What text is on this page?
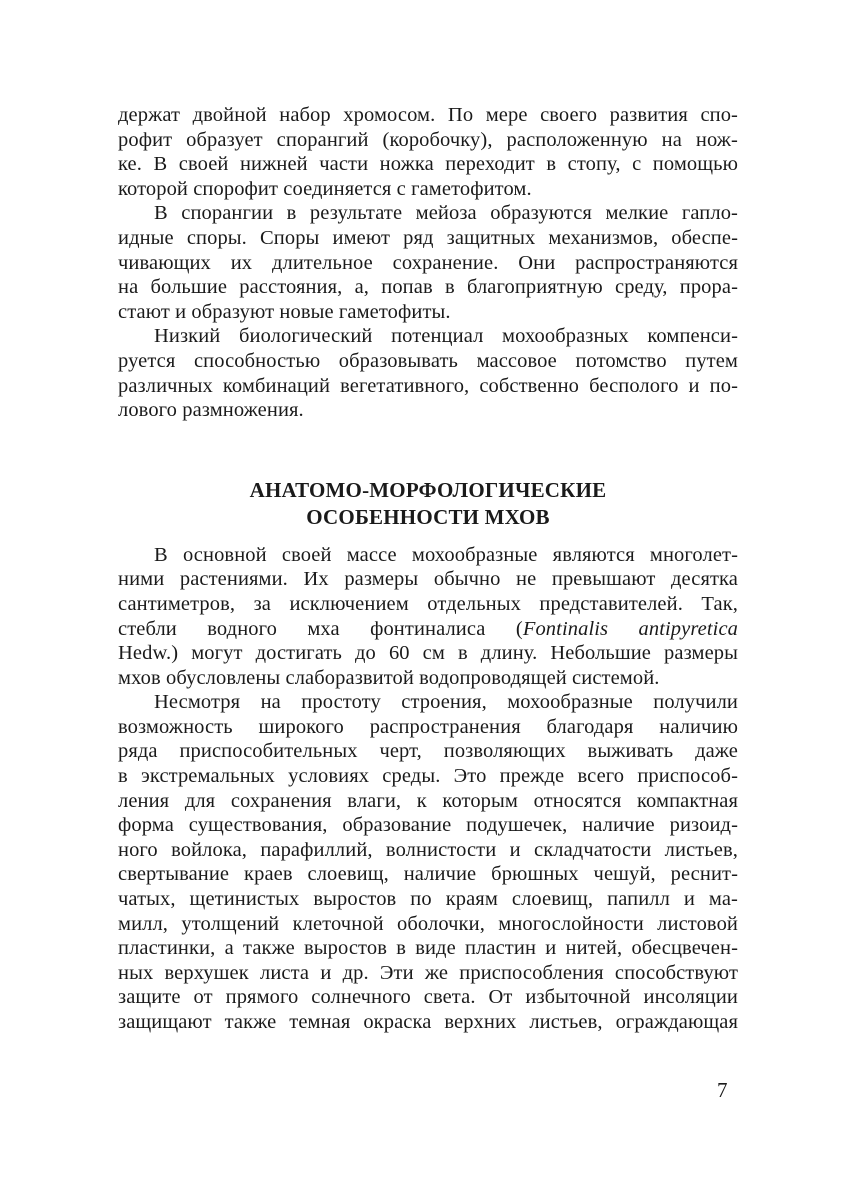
держат двойной набор хромосом. По мере своего развития спо-
рофит образует спорангий (коробочку), расположенную на нож-
ке. В своей нижней части ножка переходит в стопу, с помощью
которой спорофит соединяется с гаметофитом.

В спорангии в результате мейоза образуются мелкие гапло-
идные споры. Споры имеют ряд защитных механизмов, обеспе-
чивающих их длительное сохранение. Они распространяются
на большие расстояния, а, попав в благоприятную среду, прора-
стают и образуют новые гаметофиты.

Низкий биологический потенциал мохообразных компенси-
руется способностью образовывать массовое потомство путем
различных комбинаций вегетативного, собственно бесполого и по-
лового размножения.

АНАТОМО-МОРФОЛОГИЧЕСКИЕ
ОСОБЕННОСТИ МХОВ

В основной своей массе мохообразные являются многолет-
ними растениями. Их размеры обычно не превышают десятка
сантиметров, за исключением отдельных представителей. Так,
стебли водного мха фонтиналиса (Fontinalis antipyretica
Hedw.) могут достигать до 60 см в длину. Небольшие размеры
мхов обусловлены слаборазвитой водопроводящей системой.

Несмотря на простоту строения, мохообразные получили
возможность широкого распространения благодаря наличию
ряда приспособительных черт, позволяющих выживать даже
в экстремальных условиях среды. Это прежде всего приспособ-
ления для сохранения влаги, к которым относятся компактная
форма существования, образование подушечек, наличие ризоид-
ного войлока, парафиллий, волнистости и складчатости листьев,
свертывание краев слоевищ, наличие брюшных чешуй, реснит-
чатых, щетинистых выростов по краям слоевищ, папилл и ма-
милл, утолщений клеточной оболочки, многослойности листовой
пластинки, а также выростов в виде пластин и нитей, обесцвечен-
ных верхушек листа и др. Эти же приспособления способствуют
защите от прямого солнечного света. От избыточной инсоляции
защищают также темная окраска верхних листьев, ограждающая

7
